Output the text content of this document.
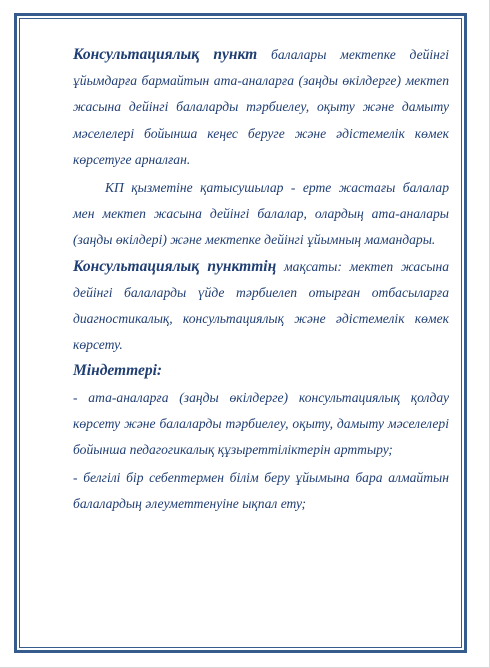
Консультациялық пункт балалары мектепке дейінгі ұйымдарға бармайтын ата-аналарға (заңды өкілдерге) мектеп жасына дейінгі балаларды тәрбиелеу, оқыту және дамыту мәселелері бойынша кеңес беруге және әдістемелік көмек көрсетуге арналған.

КП қызметіне қатысушылар - ерте жастағы балалар мен мектеп жасына дейінгі балалар, олардың ата-аналары (заңды өкілдері) және мектепке дейінгі ұйымның мамандары.

Консультациялық пункттің мақсаты: мектеп жасына дейінгі балаларды үйде тәрбиелеп отырған отбасыларға диагностикалық, консультациялық және әдістемелік көмек көрсету.

Міндеттері:

- ата-аналарға (заңды өкілдерге) консультациялық қолдау көрсету және балаларды тәрбиелеу, оқыту, дамыту мәселелері бойынша педагогикалық құзыреттіліктерін арттыру;

- белгілі бір себептермен білім беру ұйымына бара алмайтын балалардың әлеуметтенуіне ықпал ету;
